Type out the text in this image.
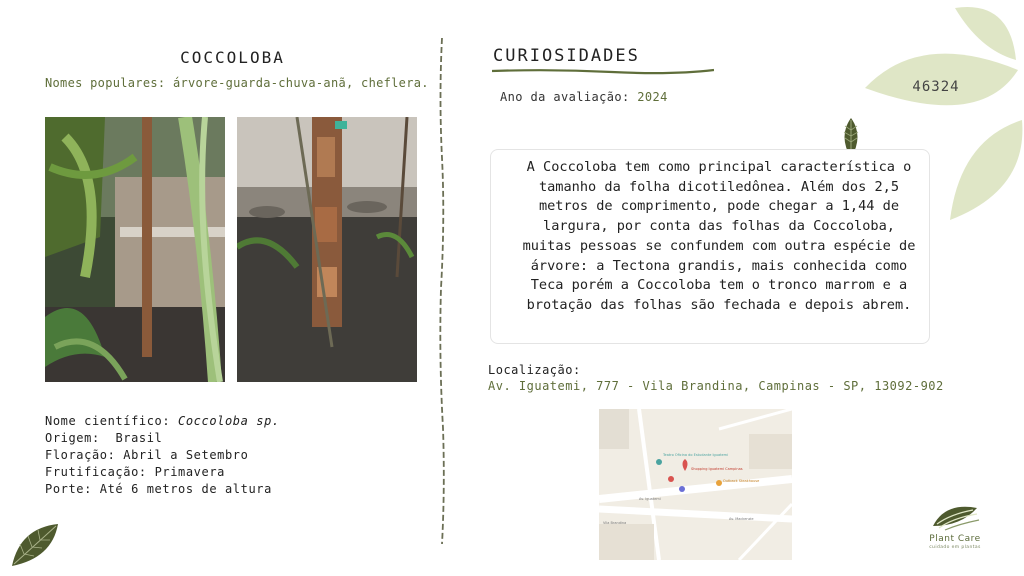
COCCOLOBA
Nomes populares: árvore-guarda-chuva-anã, cheflera.
Nome científico: Coccoloba sp.
Origem: Brasil
Floração: Abril a Setembro
Frutificação: Primavera
Porte: Até 6 metros de altura
CURIOSIDADES
Ano da avaliação: 2024
46324
A Coccoloba tem como principal característica o tamanho da folha dicotiledônea. Além dos 2,5 metros de comprimento, pode chegar a 1,44 de largura, por conta das folhas da Coccoloba, muitas pessoas se confundem com outra espécie de árvore: a Tectona grandis, mais conhecida como Teca porém a Coccoloba tem o tronco marrom e a brotação das folhas são fechada e depois abrem.
Localização:
Av. Iguatemi, 777 - Vila Brandina, Campinas - SP, 13092-902
Teatro Oficina do Estudante Iguatemi
Shopping Iguatemi Campinas
Outback Steakhouse
Av. Iguatemi
Av. Mackenzie
Vila Brandina
Plant Care
cuidado em plantas
